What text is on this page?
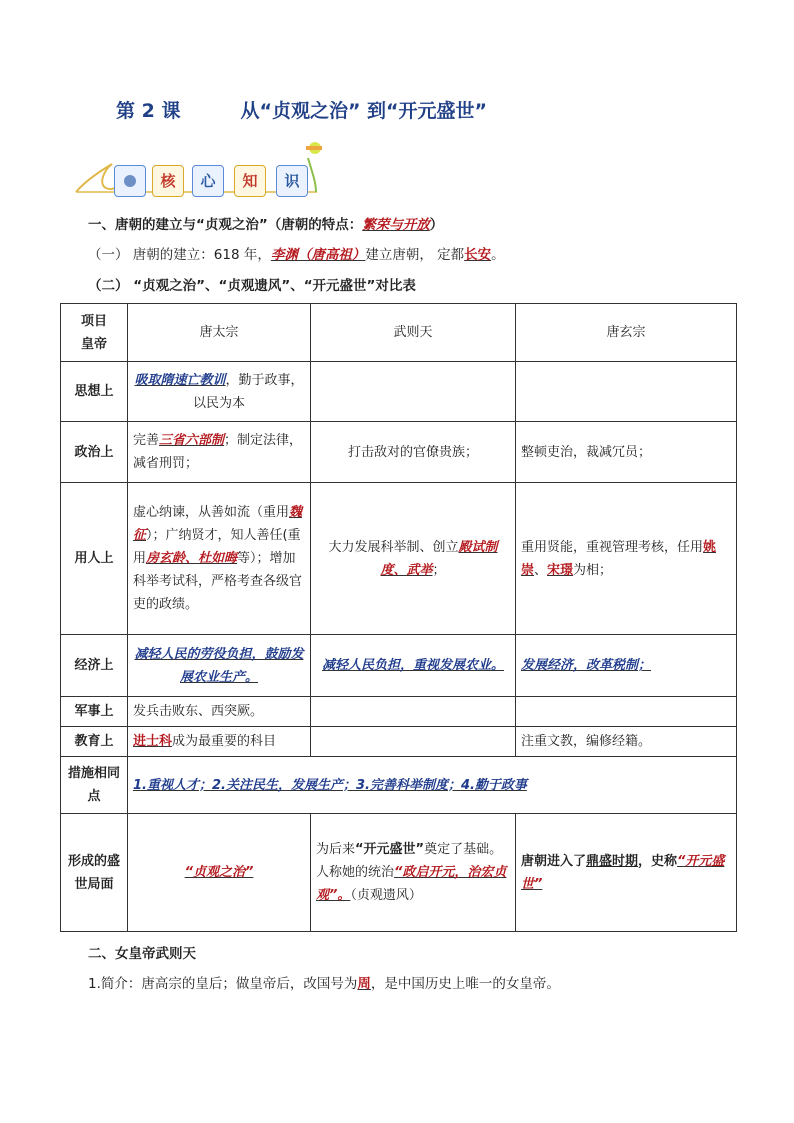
第 2 课	从“贞观之治” 到“开元盛世”
核	心	知	识
一、唐朝的建立与“贞观之治”（唐朝的特点：繁荣与开放）
（一） 唐朝的建立：618 年，李渊（唐高祖）建立唐朝， 定都长安。
（二） “贞观之治”、“贞观遗风”、“开元盛世”对比表
项目
皇帝	唐太宗	武则天	唐玄宗
思想上	吸取隋速亡教训，勤于政事，以民为本		
政治上	完善三省六部制；制定法律，减省刑罚；	打击敌对的官僚贵族；	整顿吏治，裁减冗员；
用人上	虚心纳谏，从善如流（重用魏征）；广纳贤才，知人善任(重用房玄龄、杜如晦等）；增加科举考试科，严格考查各级官吏的政绩。	大力发展科举制、创立殿试制度、武举；	重用贤能，重视管理考核，任用姚崇、宋璟为相；
经济上	减轻人民的劳役负担，鼓励发展农业生产。	减轻人民负担，重视发展农业。	发展经济，改革税制；
军事上	发兵击败东、西突厥。		
教育上	进士科成为最重要的科目		注重文教，编修经籍。
措施相同点	1.重视人才；2.关注民生，发展生产；3.完善科举制度；4.勤于政事		
形成的盛世局面	“贞观之治”	为后来“开元盛世”奠定了基础。人称她的统治“政启开元，治宏贞观”。（贞观遗风）	唐朝进入了鼎盛时期，史称“开元盛世”
二、女皇帝武则天
1.简介：唐高宗的皇后；做皇帝后，改国号为周，是中国历史上唯一的女皇帝。
